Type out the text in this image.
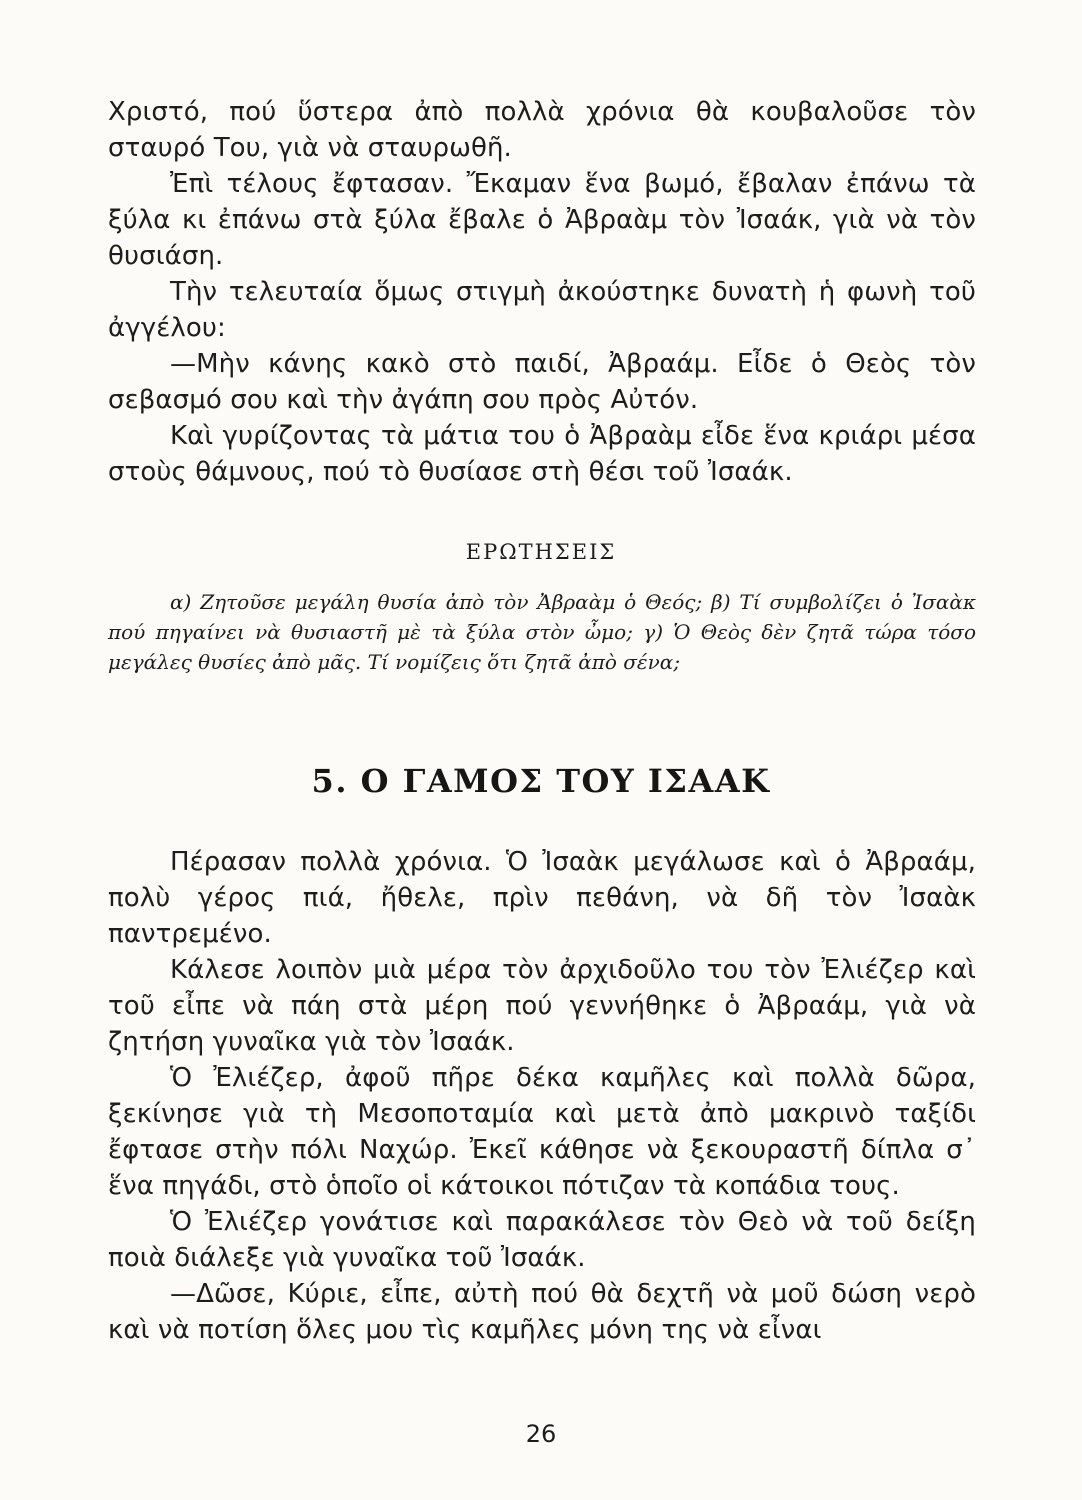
Χριστό, πού ὕστερα ἀπὸ πολλὰ χρόνια θὰ κουβαλοῦσε τὸν σταυρό Του, γιὰ νὰ σταυρωθῆ.

Ἐπὶ τέλους ἔφτασαν. Ἔκαμαν ἕνα βωμό, ἔβαλαν ἐπάνω τὰ ξύλα κι ἐπάνω στὰ ξύλα ἔβαλε ὁ Ἀβραὰμ τὸν Ἰσαάκ, γιὰ νὰ τὸν θυσιάση.

Τὴν τελευταία ὅμως στιγμὴ ἀκούστηκε δυνατὴ ἡ φωνὴ τοῦ ἀγγέλου:

—Μὴν κάνης κακὸ στὸ παιδί, Ἀβραάμ. Εἶδε ὁ Θεὸς τὸν σεβασμό σου καὶ τὴν ἀγάπη σου πρὸς Αὐτόν.

Καὶ γυρίζοντας τὰ μάτια του ὁ Ἀβραὰμ εἶδε ἕνα κριάρι μέσα στοὺς θάμνους, πού τὸ θυσίασε στὴ θέσι τοῦ Ἰσαάκ.

ΕΡΩΤΗΣΕΙΣ

α) Ζητοῦσε μεγάλη θυσία ἀπὸ τὸν Ἀβραὰμ ὁ Θεός; β) Τί συμβολίζει ὁ Ἰσαὰκ πού πηγαίνει νὰ θυσιαστῆ μὲ τὰ ξύλα στὸν ὦμο; γ) Ὁ Θεὸς δὲν ζητᾶ τώρα τόσο μεγάλες θυσίες ἀπὸ μᾶς. Τί νομίζεις ὅτι ζητᾶ ἀπὸ σένα;

5. Ο ΓΑΜΟΣ ΤΟΥ ΙΣΑΑΚ

Πέρασαν πολλὰ χρόνια. Ὁ Ἰσαὰκ μεγάλωσε καὶ ὁ Ἀβραάμ, πολὺ γέρος πιά, ἤθελε, πρὶν πεθάνη, νὰ δῆ τὸν Ἰσαὰκ παντρεμένο.

Κάλεσε λοιπὸν μιὰ μέρα τὸν ἀρχιδοῦλο του τὸν Ἐλιέζερ καὶ τοῦ εἶπε νὰ πάη στὰ μέρη πού γεννήθηκε ὁ Ἀβραάμ, γιὰ νὰ ζητήση γυναῖκα γιὰ τὸν Ἰσαάκ.

Ὁ Ἐλιέζερ, ἀφοῦ πῆρε δέκα καμῆλες καὶ πολλὰ δῶρα, ξεκίνησε γιὰ τὴ Μεσοποταμία καὶ μετὰ ἀπὸ μακρινὸ ταξίδι ἔφτασε στὴν πόλι Ναχώρ. Ἐκεῖ κάθησε νὰ ξεκουραστῆ δίπλα σ᾿ ἕνα πηγάδι, στὸ ὁποῖο οἱ κάτοικοι πότιζαν τὰ κοπάδια τους.

Ὁ Ἐλιέζερ γονάτισε καὶ παρακάλεσε τὸν Θεὸ νὰ τοῦ δείξη ποιὰ διάλεξε γιὰ γυναῖκα τοῦ Ἰσαάκ.

—Δῶσε, Κύριε, εἶπε, αὐτὴ πού θὰ δεχτῆ νὰ μοῦ δώση νερὸ καὶ νὰ ποτίση ὅλες μου τὶς καμῆλες μόνη της νὰ εἶναι

26
